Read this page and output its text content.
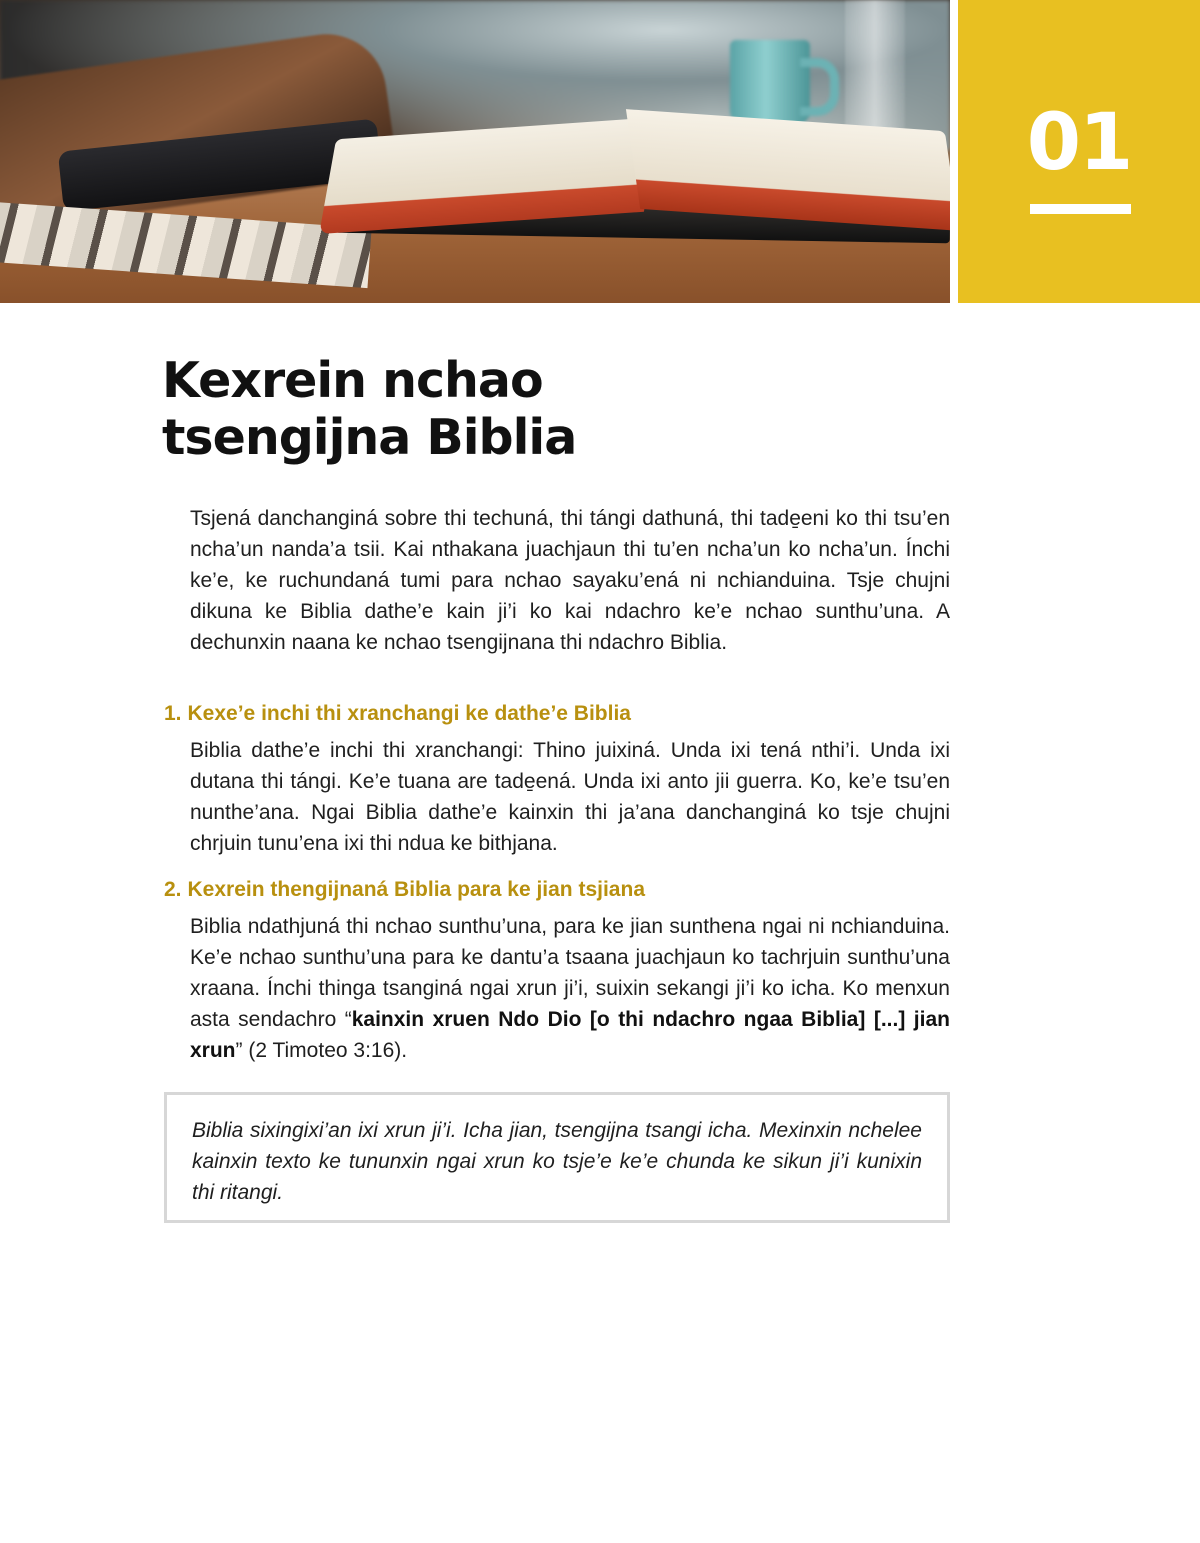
01
Kexrein nchao
tsengijna Biblia

Tsjená danchanginá sobre thi techuná, thi tángi dathuná, thi tade̱eni ko thi tsu’en ncha’un nanda’a tsii. Kai nthakana juachjaun thi tu’en ncha’un ko ncha’un. Ínchi ke’e, ke ruchundaná tumi para nchao sayaku’ená ni nchianduina. Tsje chujni dikuna ke Biblia dathe’e kain ji’i ko kai ndachro ke’e nchao sunthu’una. A dechunxin naana ke nchao tsengijnana thi ndachro Biblia.

1. Kexe’e inchi thi xranchangi ke dathe’e Biblia

Biblia dathe’e inchi thi xranchangi: Thino juixiná. Unda ixi tená nthi’i. Unda ixi dutana thi tángi. Ke’e tuana are tade̱ená. Unda ixi anto jii guerra. Ko, ke’e tsu’en nunthe’ana. Ngai Biblia dathe’e kainxin thi ja’ana danchanginá ko tsje chujni chrjuin tunu’ena ixi thi ndua ke bithjana.

2. Kexrein thengijnaná Biblia para ke jian tsjiana

Biblia ndathjuná thi nchao sunthu’una, para ke jian sunthena ngai ni nchianduina. Ke’e nchao sunthu’una para ke dantu’a tsaana juachjaun ko tachrjuin sunthu’una xraana. Ínchi thinga tsanginá ngai xrun ji’i, suixin sekangi ji’i ko icha. Ko menxun asta sendachro “kainxin xruen Ndo Dio [o thi ndachro ngaa Biblia] [...] jian xrun” (2 Timoteo 3:16).

Biblia sixingixi’an ixi xrun ji’i. Icha jian, tsengijna tsangi icha. Mexinxin nchelee kainxin texto ke tununxin ngai xrun ko tsje’e ke’e chunda ke sikun ji’i kunixin thi ritangi.
